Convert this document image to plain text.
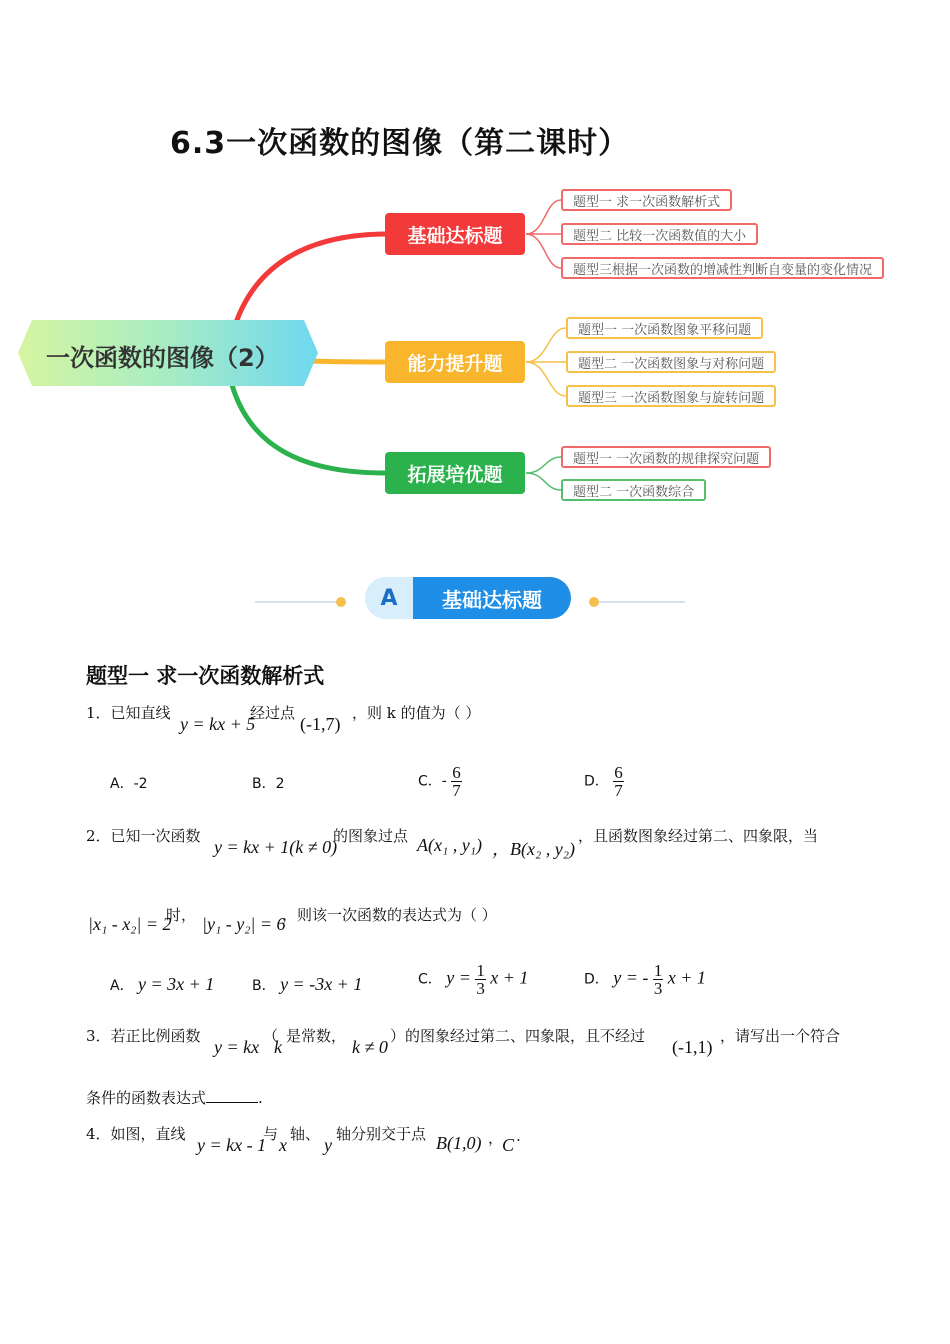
6.3一次函数的图像（第二课时）
一次函数的图像（2）
基础达标题
能力提升题
拓展培优题
题型一 求一次函数解析式
题型二 比较一次函数值的大小
题型三根据一次函数的增减性判断自变量的变化情况
题型一 一次函数图象平移问题
题型二 一次函数图象与对称问题
题型三 一次函数图象与旋转问题
题型一 一次函数的规律探究问题
题型二 一次函数综合
A	基础达标题
题型一 求一次函数解析式
1．已知直线
y = kx + 5
经过点
(-1,7)
，则 k 的值为（ ）
A．-2	B．2	C．- $\frac{6}{7}$	D． $\frac{6}{7}$
2．已知一次函数
y = kx + 1(k ≠ 0)
的图象过点 A(x₁ , y₁) ，B(x₂ , y₂)
，且函数图象经过第二、四象限，当
|x₁ - x₂| = 2
时， |y₁ - y₂| = 6
，则该一次函数的表达式为（ ）
A． y = 3x + 1	B． y = -3x + 1	C． $y = \frac{1}{3}$ x + 1	D． y = - $\frac{1}{3}$ x + 1
3．若正比例函数
y = kx
（
k
是常数，
k ≠ 0
）的图象经过第二、四象限，且不经过
(-1,1)
，请写出一个符合
条件的函数表达式	.
4．如图，直线
y = kx - 1
与
x
轴、
y
轴分别交于点 B(1,0) ，
C .
